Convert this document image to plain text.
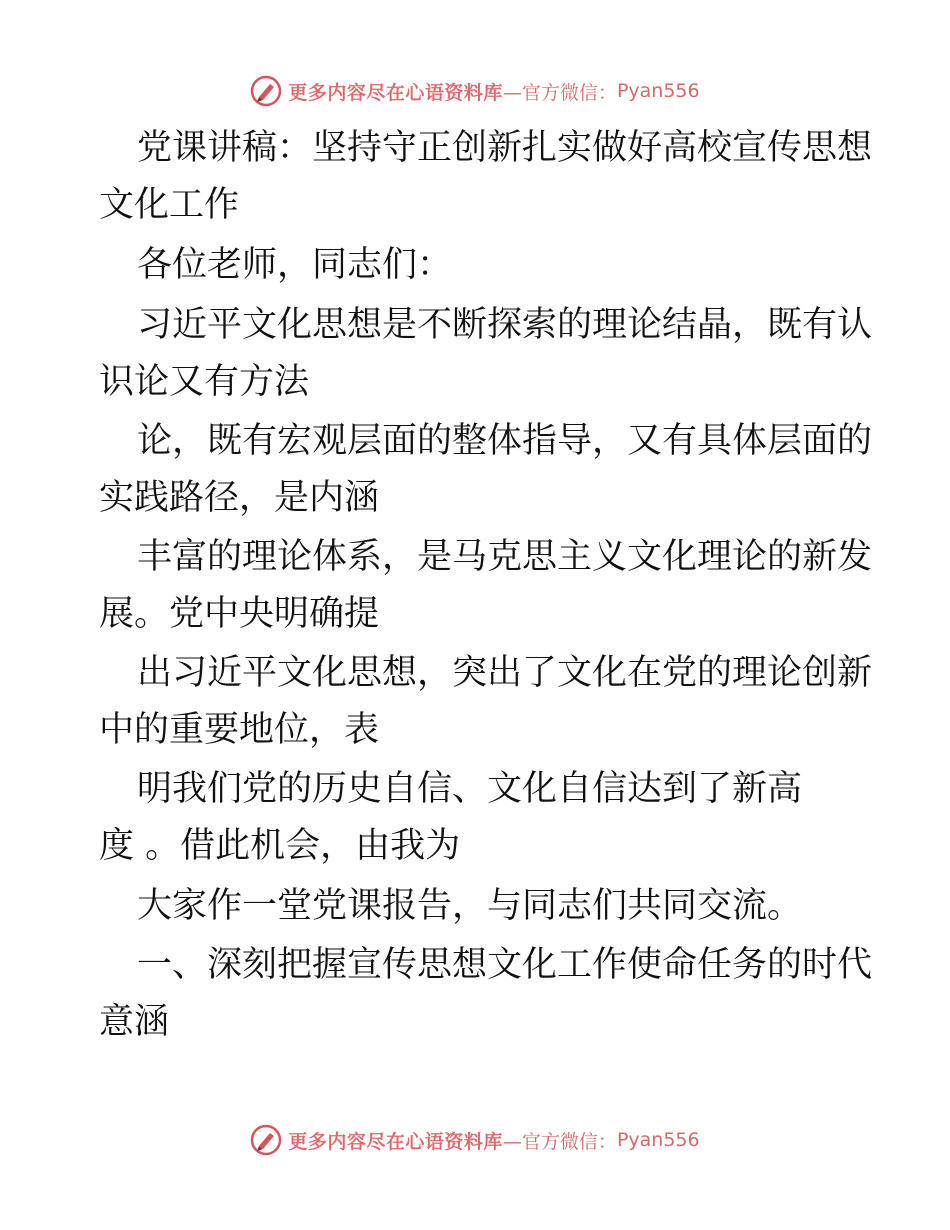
更多内容尽在心语资料库 —官方微信： Pyan556
党课讲稿：坚持守正创新扎实做好高校宣传思想
文化工作
各位老师，同志们：
习近平文化思想是不断探索的理论结晶，既有认
识论又有方法
论，既有宏观层面的整体指导，又有具体层面的
实践路径，是内涵
丰富的理论体系，是马克思主义文化理论的新发
展。党中央明确提
出习近平文化思想，突出了文化在党的理论创新
中的重要地位，表
明我们党的历史自信、文化自信达到了新高
度 。借此机会，由我为
大家作一堂党课报告，与同志们共同交流。
一、深刻把握宣传思想文化工作使命任务的时代
意涵
更多内容尽在心语资料库 —官方微信： Pyan556
